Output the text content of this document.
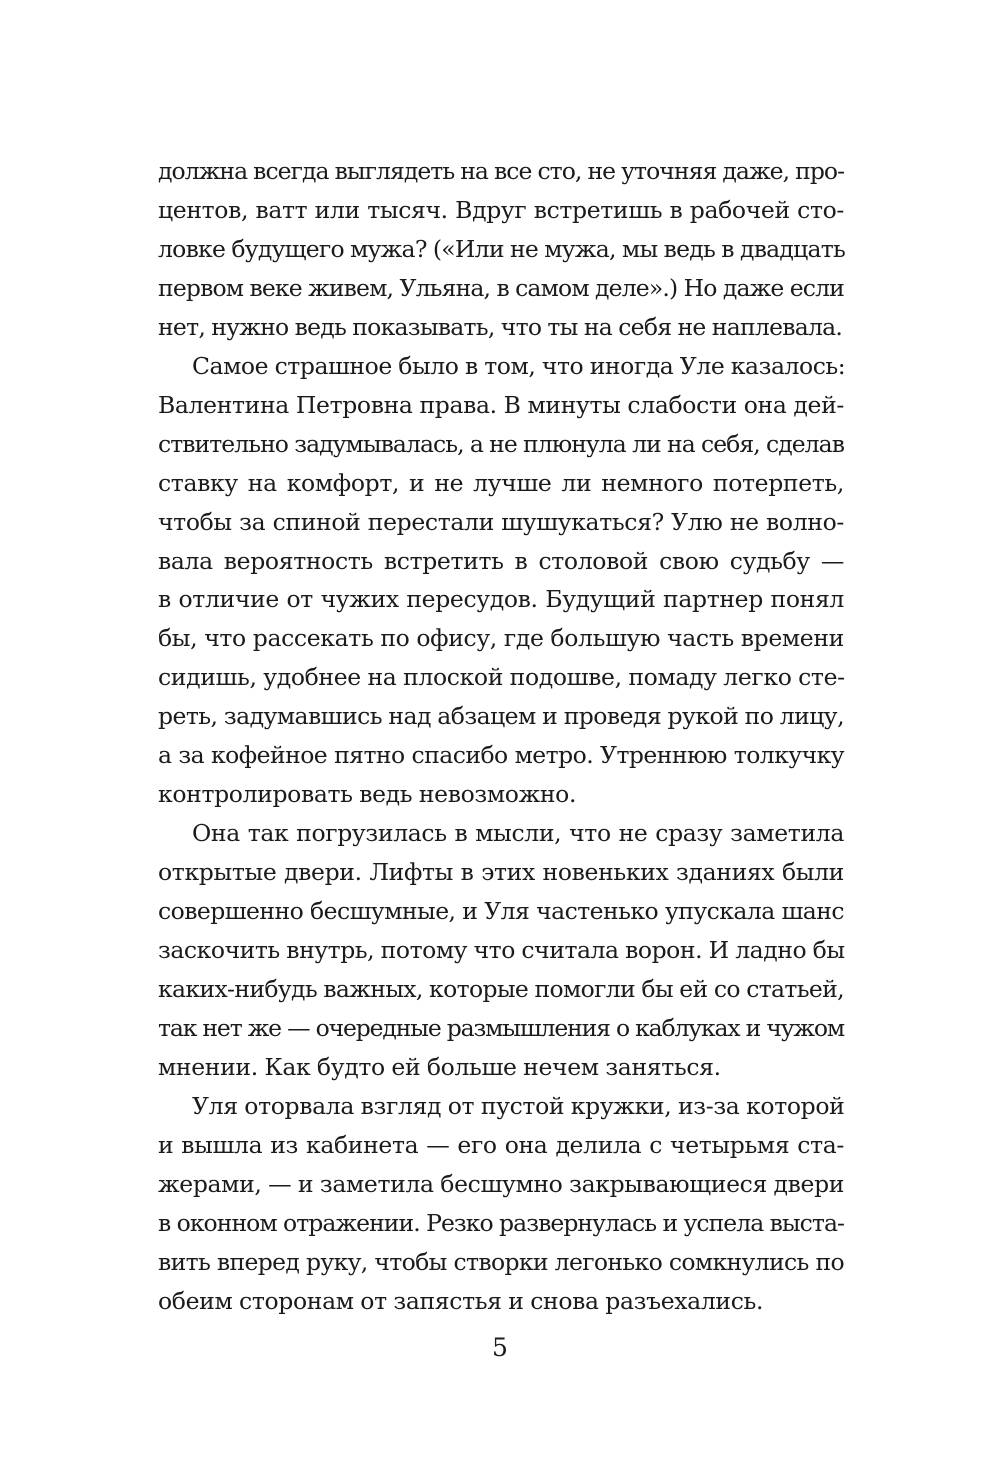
должна всегда выглядеть на все сто, не уточняя даже, про-
центов, ватт или тысяч. Вдруг встретишь в рабочей сто-
ловке будущего мужа? («Или не мужа, мы ведь в двадцать
первом веке живем, Ульяна, в самом деле».) Но даже если
нет, нужно ведь показывать, что ты на себя не наплевала.
Самое страшное было в том, что иногда Уле казалось:
Валентина Петровна права. В минуты слабости она дей-
ствительно задумывалась, а не плюнула ли на себя, сделав
ставку на комфорт, и не лучше ли немного потерпеть,
чтобы за спиной перестали шушукаться? Улю не волно-
вала вероятность встретить в столовой свою судьбу —
в отличие от чужих пересудов. Будущий партнер понял
бы, что рассекать по офису, где большую часть времени
сидишь, удобнее на плоской подошве, помаду легко сте-
реть, задумавшись над абзацем и проведя рукой по лицу,
а за кофейное пятно спасибо метро. Утреннюю толкучку
контролировать ведь невозможно.
Она так погрузилась в мысли, что не сразу заметила
открытые двери. Лифты в этих новеньких зданиях были
совершенно бесшумные, и Уля частенько упускала шанс
заскочить внутрь, потому что считала ворон. И ладно бы
каких-нибудь важных, которые помогли бы ей со статьей,
так нет же — очередные размышления о каблуках и чужом
мнении. Как будто ей больше нечем заняться.
Уля оторвала взгляд от пустой кружки, из-за которой
и вышла из кабинета — его она делила с четырьмя ста-
жерами, — и заметила бесшумно закрывающиеся двери
в оконном отражении. Резко развернулась и успела выста-
вить вперед руку, чтобы створки легонько сомкнулись по
обеим сторонам от запястья и снова разъехались.
5
